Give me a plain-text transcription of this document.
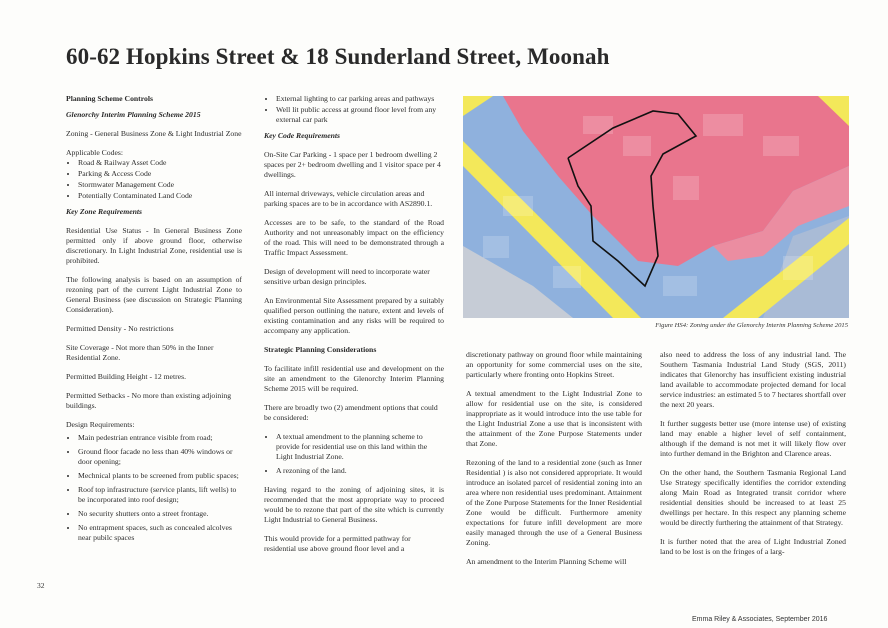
60-62 Hopkins Street & 18 Sunderland Street, Moonah

Planning Scheme Controls

Glenorchy Interim Planning Scheme 2015

Zoning - General Business Zone & Light Industrial Zone

Applicable Codes:
• Road & Railway Asset Code
• Parking & Access Code
• Stormwater Management Code
• Potentially Contaminated Land Code

Key Zone Requirements

Residential Use Status - In General Business Zone permitted only if above ground floor, otherwise discretionary. In Light Industrial Zone, residential use is prohibited.

The following analysis is based on an assumption of rezoning part of the current Light Industrial Zone to General Business (see discussion on Strategic Planning Consideration).

Permitted Density - No restrictions

Site Coverage - Not more than 50% in the Inner Residential Zone.

Permitted Building Height - 12 metres.

Permitted Setbacks - No more than existing adjoining buildings.

Design Requirements:
• Main pedestrian entrance visible from road;
• Ground floor facade no less than 40% windows or door opening;
• Mechnical plants to be screened from public spaces;
• Roof top infrastructure (service plants, lift wells) to be incorporated into roof design;
• No security shutters onto a street frontage.
• No entrapment spaces, such as concealed alcolves near pubilc spaces
• External lighting to car parking areas and pathways
• Well lit public access at ground floor level from any external car park

Key Code Requirements

On-Site Car Parking - 1 space per 1 bedroom dwelling 2 spaces per 2+ bedroom dwelling and 1 visitor space per 4 dwellings.

All internal driveways, vehicle circulation areas and parking spaces are to be in accordance with AS2890.1.

Accesses are to be safe, to the standard of the Road Authority and not unreasonably impact on the efficiency of the road. This will need to be demonstrated through a Traffic Impact Assessment.

Design of development will need to incorporate water sensitive urban design principles.

An Environmental Site Assessment prepared by a suitably qualified person outlining the nature, extent and levels of existing contamination and any risks will be required to accompany any application.

Strategic Planning Considerations

To facilitate infill residential use and development on the site an amendment to the Glenorchy Interim Planning Scheme 2015 will be required.

There are broadly two (2) amendment options that could be considered:

• A textual amendment to the planning scheme to provide for residential use on this land within the Light Industrial Zone.
• A rezoning of the land.

Having regard to the zoning of adjoining sites, it is recommended that the most appropriate way to proceed would be to rezone that part of the site which is currently Light Industrial to General Business.

This would provide for a permitted pathway for residential use above ground floor level and a

Figure HS4: Zoning under the Glenorchy Interim Planning Scheme 2015

discretionaty pathway on ground floor while maintaining an opportunity for some commercial uses on the site, particularly where fronting onto Hopkins Street.

A textual amendment to the Light Industrial Zone to allow for residential use on the site, is considered inappropriate as it would introduce into the use table for the Light Industrial Zone a use that is inconsistent with the attainment of the Zone Purpose Statements under that Zone.

Rezoning of the land to a residential zone (such as Inner Residential ) is also not considered appropriate. It would introduce an isolated parcel of residential zoning into an area where non residential uses predominant. Attainment of the Zone Purpose Statements for the Inner Residential Zone would be difficult. Furthermore amenity expectations for future infill development are more easily managed through the use of a General Business Zoning.

An amendment to the Interim Planning Scheme will

also need to address the loss of any industrial land. The Southern Tasmania Industrial Land Study (SGS, 2011) indicates that Glenorchy has insufficient existing industrial land available to accommodate projected demand for local service industries: an estimated 5 to 7 hectares shortfall over the next 20 years.

It further suggests better use (more intense use) of existing land may enable a higher level of self containment, although if the demand is not met it will likely flow over into further demand in the Brighton and Clarence areas.

On the other hand, the Southern Tasmania Regional Land Use Strategy specifically identifies the corridor extending along Main Road as Integrated transit corridor where residential densities should be increased to at least 25 dwellings per hectare. In this respect any planning scheme would be directly furthering the attainment of that Strategy.

It is further noted that the area of Light Industrial Zoned land to be lost is on the fringes of a larg-

32
Emma Riley & Associates, September 2016
